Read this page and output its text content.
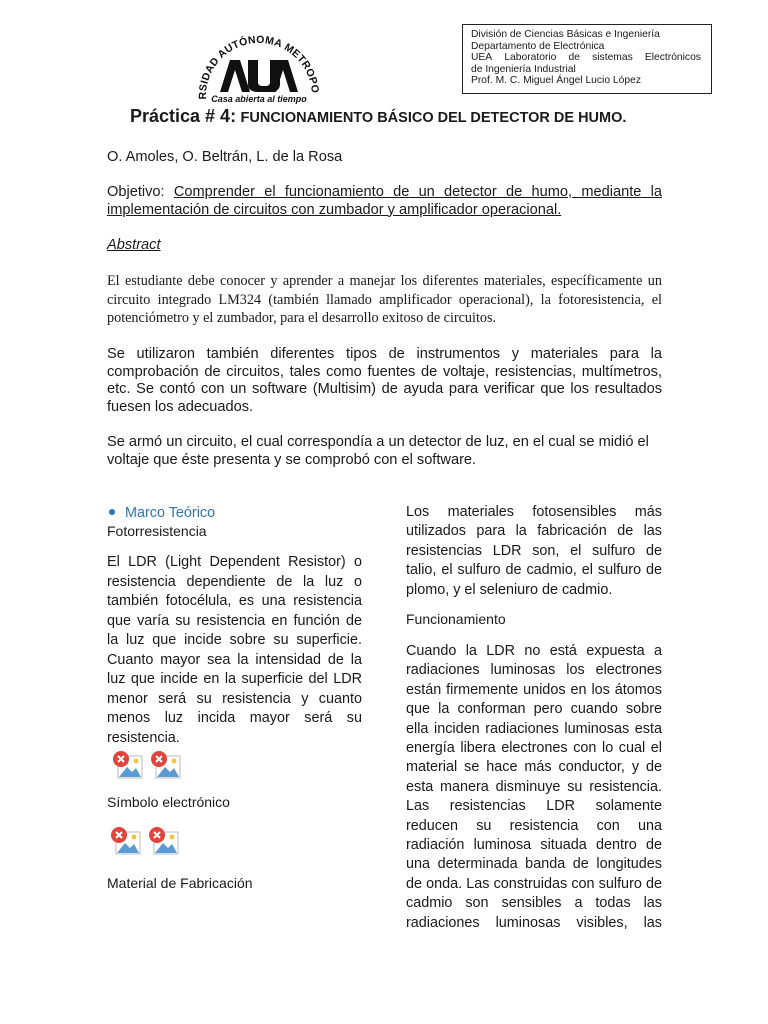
RSIDAD AUTÓNOMA METROPO
Casa abierta al tiempo
División de Ciencias Básicas e Ingeniería
Departamento de Electrónica
UEA Laboratorio de sistemas Electrónicos
de Ingeniería Industrial
Prof. M. C. Miguel Ángel Lucio López
Práctica # 4: FUNCIONAMIENTO BÁSICO DEL DETECTOR DE HUMO.
O. Amoles, O. Beltrán, L. de la Rosa
Objetivo: Comprender el funcionamiento de un detector de humo, mediante la implementación de circuitos con zumbador y amplificador operacional.
Abstract
El estudiante debe conocer y aprender a manejar los diferentes materiales, específicamente un circuito integrado LM324 (también llamado amplificador operacional), la fotoresistencia, el potenciómetro y el zumbador, para el desarrollo exitoso de circuitos.
Se utilizaron también diferentes tipos de instrumentos y materiales para la comprobación de circuitos, tales como fuentes de voltaje, resistencias, multímetros, etc. Se contó con un software (Multisim) de ayuda para verificar que los resultados fuesen los adecuados.
Se armó un circuito, el cual correspondía a un detector de luz, en el cual se midió el voltaje que éste presenta y se comprobó con el software.
Marco Teórico
Fotorresistencia
El LDR (Light Dependent Resistor) o resistencia dependiente de la luz o también fotocélula, es una resistencia que varía su resistencia en función de la luz que incide sobre su superficie. Cuanto mayor sea la intensidad de la luz que incide en la superficie del LDR menor será su resistencia y cuanto menos luz incida mayor será su resistencia.
Símbolo electrónico
Material de Fabricación
Los materiales fotosensibles más utilizados para la fabricación de las resistencias LDR son, el sulfuro de talio, el sulfuro de cadmio, el sulfuro de plomo, y el seleniuro de cadmio.
Funcionamiento
Cuando la LDR no está expuesta a radiaciones luminosas los electrones están firmemente unidos en los átomos que la conforman pero cuando sobre ella inciden radiaciones luminosas esta energía libera electrones con lo cual el material se hace más conductor, y de esta manera disminuye su resistencia. Las resistencias LDR solamente reducen su resistencia con una radiación luminosa situada dentro de una determinada banda de longitudes de onda. Las construidas con sulfuro de cadmio son sensibles a todas las radiaciones luminosas visibles, las
